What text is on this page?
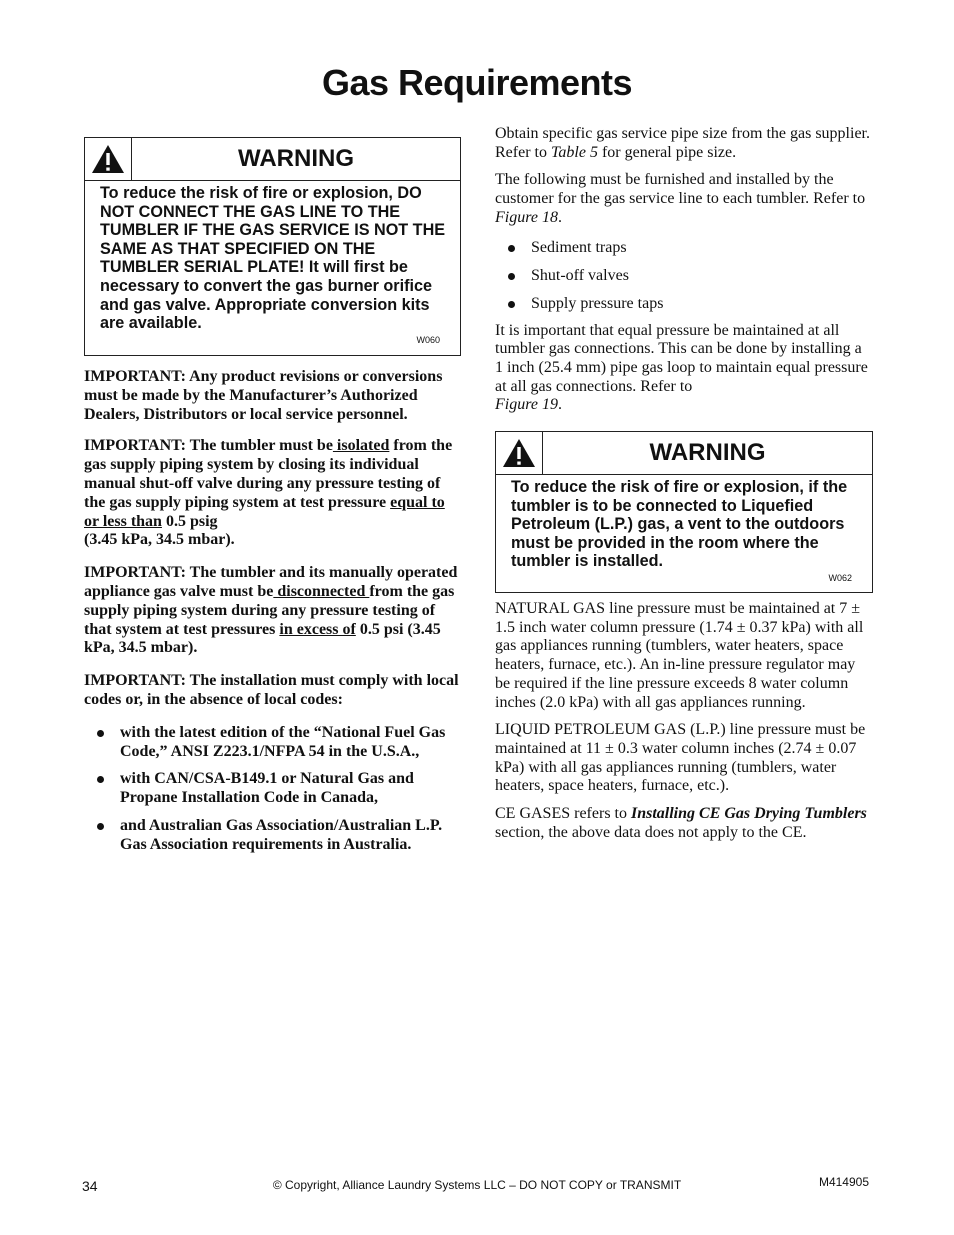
Gas Requirements
WARNING
To reduce the risk of fire or explosion, DO NOT CONNECT THE GAS LINE TO THE TUMBLER IF THE GAS SERVICE IS NOT THE SAME AS THAT SPECIFIED ON THE TUMBLER SERIAL PLATE! It will first be necessary to convert the gas burner orifice and gas valve. Appropriate conversion kits are available.
W060

IMPORTANT: Any product revisions or conversions must be made by the Manufacturer’s Authorized Dealers, Distributors or local service personnel.

IMPORTANT: The tumbler must be isolated from the gas supply piping system by closing its individual manual shut-off valve during any pressure testing of the gas supply piping system at test pressure equal to or less than 0.5 psig
(3.45 kPa, 34.5 mbar).

IMPORTANT: The tumbler and its manually operated appliance gas valve must be disconnected from the gas supply piping system during any pressure testing of that system at test pressures in excess of 0.5 psi (3.45 kPa, 34.5 mbar).

IMPORTANT: The installation must comply with local codes or, in the absence of local codes:

with the latest edition of the “National Fuel Gas Code,” ANSI Z223.1/NFPA 54 in the U.S.A.,
with CAN/CSA-B149.1 or Natural Gas and Propane Installation Code in Canada,
and Australian Gas Association/Australian L.P. Gas Association requirements in Australia.

Obtain specific gas service pipe size from the gas supplier. Refer to Table 5 for general pipe size.

The following must be furnished and installed by the customer for the gas service line to each tumbler. Refer to Figure 18.

Sediment traps
Shut-off valves
Supply pressure taps

It is important that equal pressure be maintained at all tumbler gas connections. This can be done by installing a 1 inch (25.4 mm) pipe gas loop to maintain equal pressure at all gas connections. Refer to
Figure 19.

WARNING
To reduce the risk of fire or explosion, if the tumbler is to be connected to Liquefied Petroleum (L.P.) gas, a vent to the outdoors must be provided in the room where the tumbler is installed.
W062

NATURAL GAS line pressure must be maintained at 7 ± 1.5 inch water column pressure (1.74 ± 0.37 kPa) with all gas appliances running (tumblers, water heaters, space heaters, furnace, etc.). An in-line pressure regulator may be required if the line pressure exceeds 8 water column inches (2.0 kPa) with all gas appliances running.

LIQUID PETROLEUM GAS (L.P.) line pressure must be maintained at 11 ± 0.3 water column inches (2.74 ± 0.07 kPa) with all gas appliances running (tumblers, water heaters, space heaters, furnace, etc.).

CE GASES refers to Installing CE Gas Drying Tumblers section, the above data does not apply to the CE.

34	© Copyright, Alliance Laundry Systems LLC – DO NOT COPY or TRANSMIT	M414905
